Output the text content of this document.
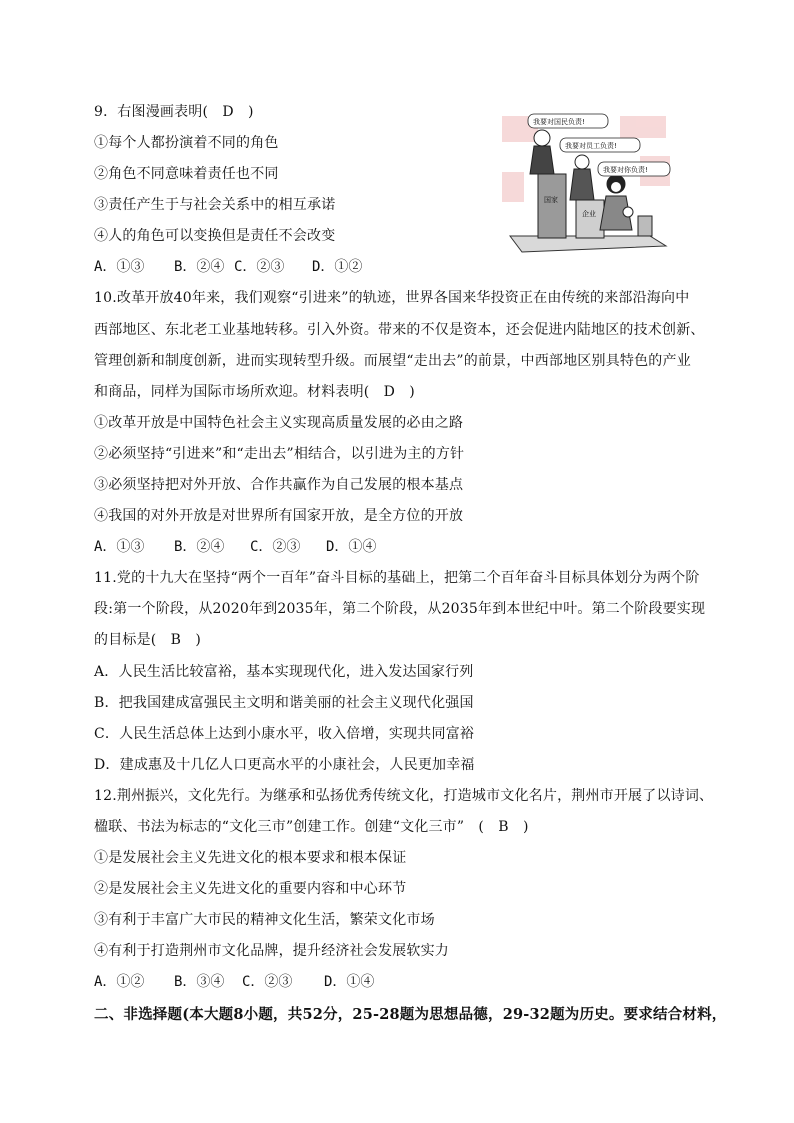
9．右图漫画表明(　D　)
①每个人都扮演着不同的角色
②角色不同意味着责任也不同
③责任产生于与社会关系中的相互承诺
④人的角色可以变换但是责任不会改变
A．①③ B．②④ C．②③ D．①②
我要对国民负责!
我要对员工负责!
我要对你负责!
国家
企业
10.改革开放40年来，我们观察“引进来”的轨迹，世界各国来华投资正在由传统的来部沿海向中
西部地区、东北老工业基地转移。引入外资。带来的不仅是资本，还会促进内陆地区的技术创新、
管理创新和制度创新，进而实现转型升级。而展望“走出去”的前景，中西部地区别具特色的产业
和商品，同样为国际市场所欢迎。材料表明(　D　)
①改革开放是中国特色社会主义实现高质量发展的必由之路
②必须坚持“引进来”和“走出去”相结合，以引进为主的方针
③必须坚持把对外开放、合作共赢作为自己发展的根本基点
④我国的对外开放是对世界所有国家开放，是全方位的开放
A．①③ B．②④ C．②③ D．①④
11.党的十九大在坚持“两个一百年”奋斗目标的基础上，把第二个百年奋斗目标具体划分为两个阶
段:第一个阶段，从2020年到2035年，第二个阶段，从2035年到本世纪中叶。第二个阶段要实现
的目标是(　B　)
A．人民生活比较富裕，基本实现现代化，进入发达国家行列
B．把我国建成富强民主文明和谐美丽的社会主义现代化强国
C．人民生活总体上达到小康水平，收入倍增，实现共同富裕
D．建成惠及十几亿人口更高水平的小康社会，人民更加幸福
12.荆州振兴，文化先行。为继承和弘扬优秀传统文化，打造城市文化名片，荆州市开展了以诗词、
楹联、书法为标志的“文化三市”创建工作。创建“文化三市”　(　B　)
①是发展社会主义先进文化的根本要求和根本保证
②是发展社会主义先进文化的重要内容和中心环节
③有利于丰富广大市民的精神文化生活，繁荣文化市场
④有利于打造荆州市文化品牌，提升经济社会发展软实力
A．①② B．③④ C．②③ D．①④
二、非选择题(本大题8小题，共52分，25-28题为思想品德，29-32题为历史。要求结合材料，
